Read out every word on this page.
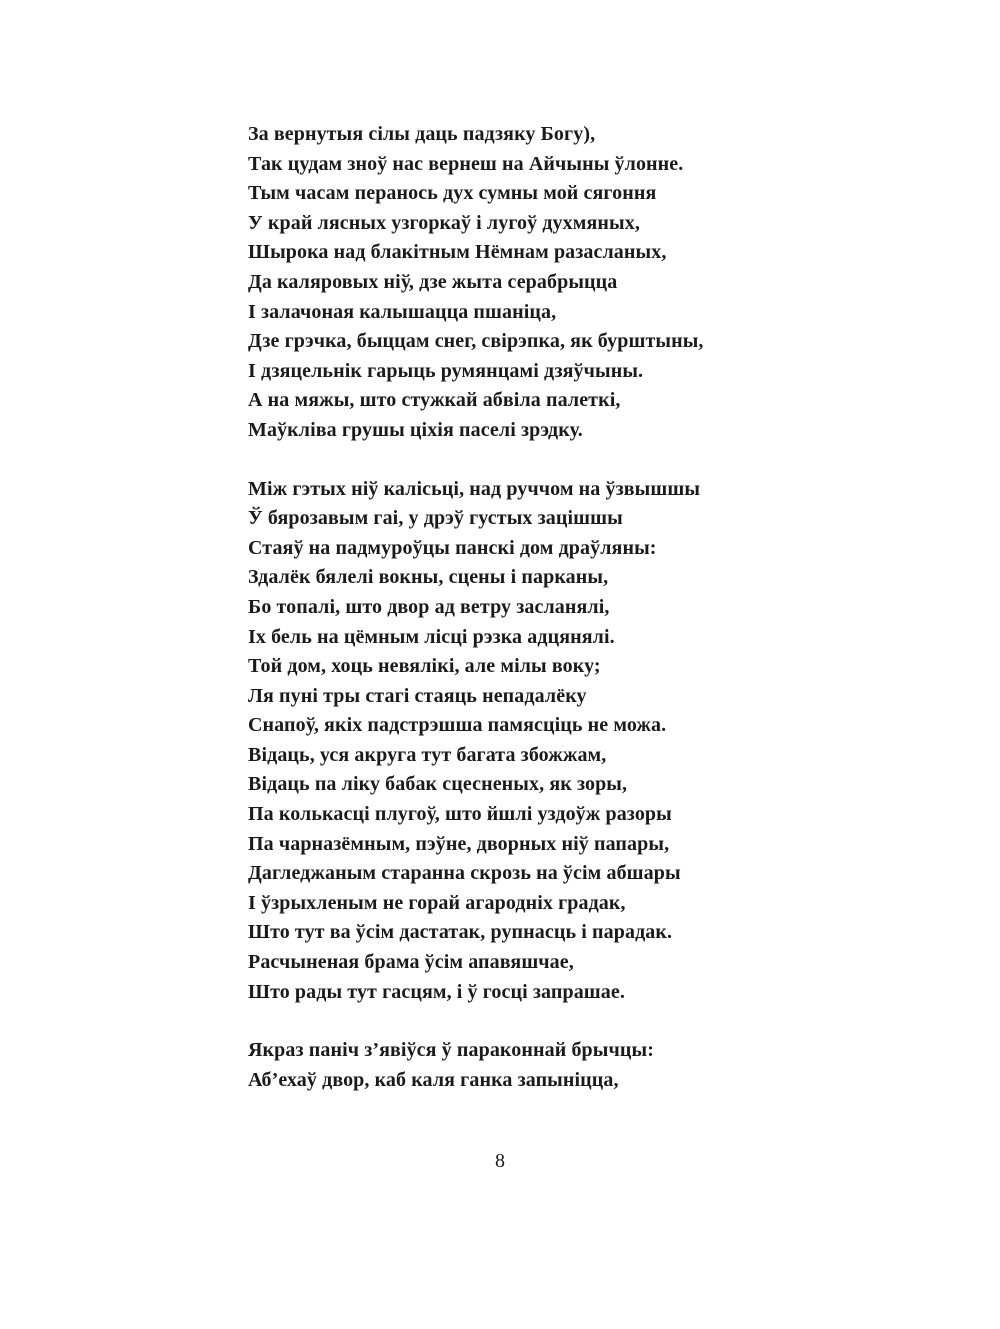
За вернутыя сілы даць падзяку Богу),
Так цудам зноў нас вернеш на Айчыны ўлонне.
Тым часам перанось дух сумны мой сягоння
У край лясных узгоркаў і лугоў духмяных,
Шырока над блакітным Нёмнам разасланых,
Да каляровых ніў, дзе жыта серабрыцца
І залачоная калышацца пшаніца,
Дзе грэчка, быццам снег, свірэпка, як бурштыны,
І дзяцельнік гарыць румянцамі дзяўчыны.
А на мяжы, што стужкай абвіла палеткі,
Маўкліва грушы ціхія паселі зрэдку.
Між гэтых ніў калісьці, над руччом на ўзвышшы
Ў бярозавым гаі, у дрэў густых зацішшы
Стаяў на падмуроўцы панскі дом драўляны:
Здалёк бялелі вокны, сцены і парканы,
Бо топалі, што двор ад ветру засланялі,
Іх бель на цёмным лісці рэзка адцянялі.
Той дом, хоць невялікі, але мілы воку;
Ля пуні тры стагі стаяць непадалёку
Снапоў, якіх падстрэшша памясціць не можа.
Відаць, уся акруга тут багата збожжам,
Відаць па ліку бабак сцесненых, як зоры,
Па колькасці плугоў, што йшлі уздоўж разоры
Па чарназёмным, пэўне, дворных ніў папары,
Дагледжаным старанна скрозь на ўсім абшары
І ўзрыхленым не горай агародніх градак,
Што тут ва ўсім дастатак, рупнасць і парадак.
Расчыненая брама ўсім апавяшчае,
Што рады тут гасцям, і ў госці запрашае.
Якраз паніч з’явіўся ў параконнай брычцы:
Аб’ехаў двор, каб каля ганка запыніцца,
8
